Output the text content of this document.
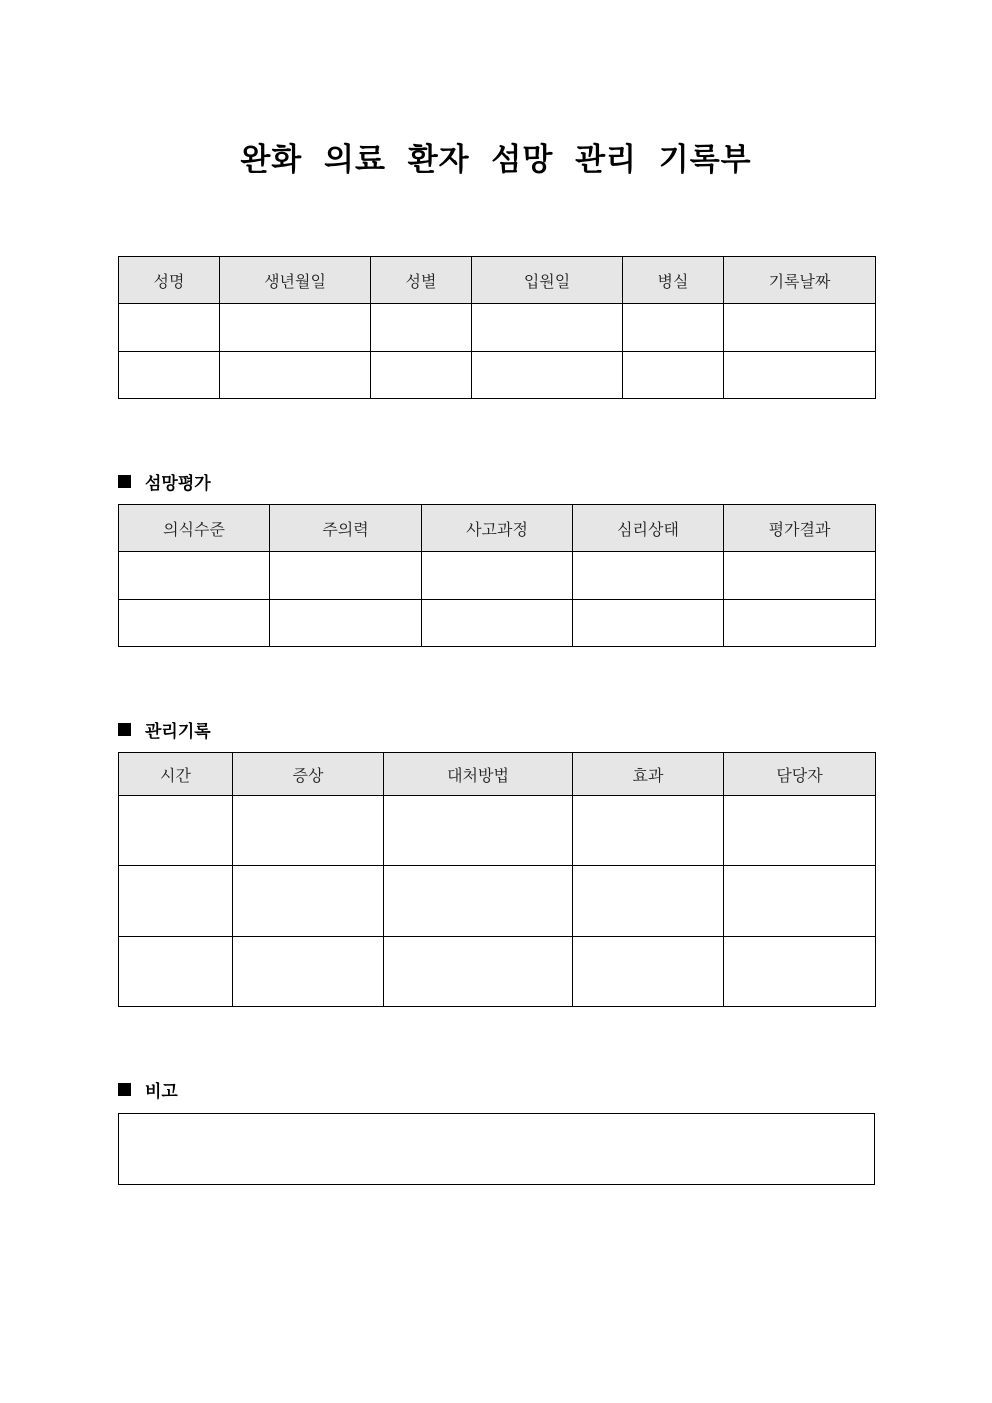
완화 의료 환자 섬망 관리 기록부
성명	생년월일	성별	입원일	병실	기록날짜

섬망평가
의식수준	주의력	사고과정	심리상태	평가결과

관리기록
시간	증상	대처방법	효과	담당자

비고
